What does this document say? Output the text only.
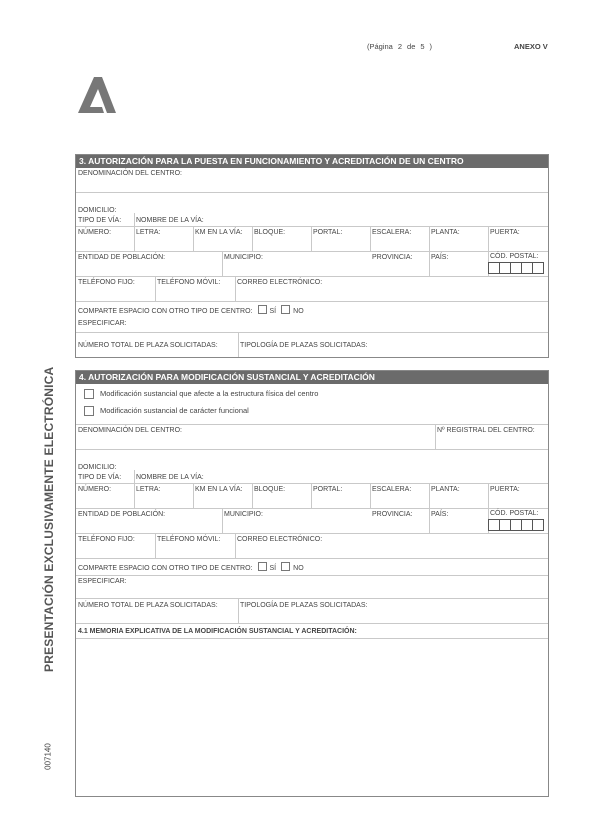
(Página 2 de 5 )	ANEXO V
PRESENTACIÓN EXCLUSIVAMENTE ELECTRÓNICA
007140
3. AUTORIZACIÓN PARA LA PUESTA EN FUNCIONAMIENTO Y ACREDITACIÓN DE UN CENTRO
DENOMINACIÓN DEL CENTRO:
DOMICILIO:
TIPO DE VÍA: NOMBRE DE LA VÍA:
NÚMERO:	LETRA:	KM EN LA VÍA: BLOQUE:	PORTAL:	ESCALERA:	PLANTA:	PUERTA:
ENTIDAD DE POBLACIÓN:	MUNICIPIO:	PROVINCIA:	PAÍS:	CÓD. POSTAL:
TELÉFONO FIJO:	TELÉFONO MÓVIL: CORREO ELECTRÓNICO:
COMPARTE ESPACIO CON OTRO TIPO DE CENTRO: SÍ NO
ESPECIFICAR:
NÚMERO TOTAL DE PLAZA SOLICITADAS:	TIPOLOGÍA DE PLAZAS SOLICITADAS:
4. AUTORIZACIÓN PARA MODIFICACIÓN SUSTANCIAL Y ACREDITACIÓN
Modificación sustancial que afecte a la estructura física del centro
Modificación sustancial de carácter funcional
DENOMINACIÓN DEL CENTRO:	Nº REGISTRAL DEL CENTRO:
DOMICILIO:
TIPO DE VÍA: NOMBRE DE LA VÍA:
NÚMERO:	LETRA:	KM EN LA VÍA: BLOQUE:	PORTAL:	ESCALERA:	PLANTA:	PUERTA:
ENTIDAD DE POBLACIÓN:	MUNICIPIO:	PROVINCIA:	PAÍS:	CÓD. POSTAL:
TELÉFONO FIJO:	TELÉFONO MÓVIL: CORREO ELECTRÓNICO:
COMPARTE ESPACIO CON OTRO TIPO DE CENTRO: SÍ NO
ESPECIFICAR:
NÚMERO TOTAL DE PLAZA SOLICITADAS:	TIPOLOGÍA DE PLAZAS SOLICITADAS:
4.1 MEMORIA EXPLICATIVA DE LA MODIFICACIÓN SUSTANCIAL Y ACREDITACIÓN:
